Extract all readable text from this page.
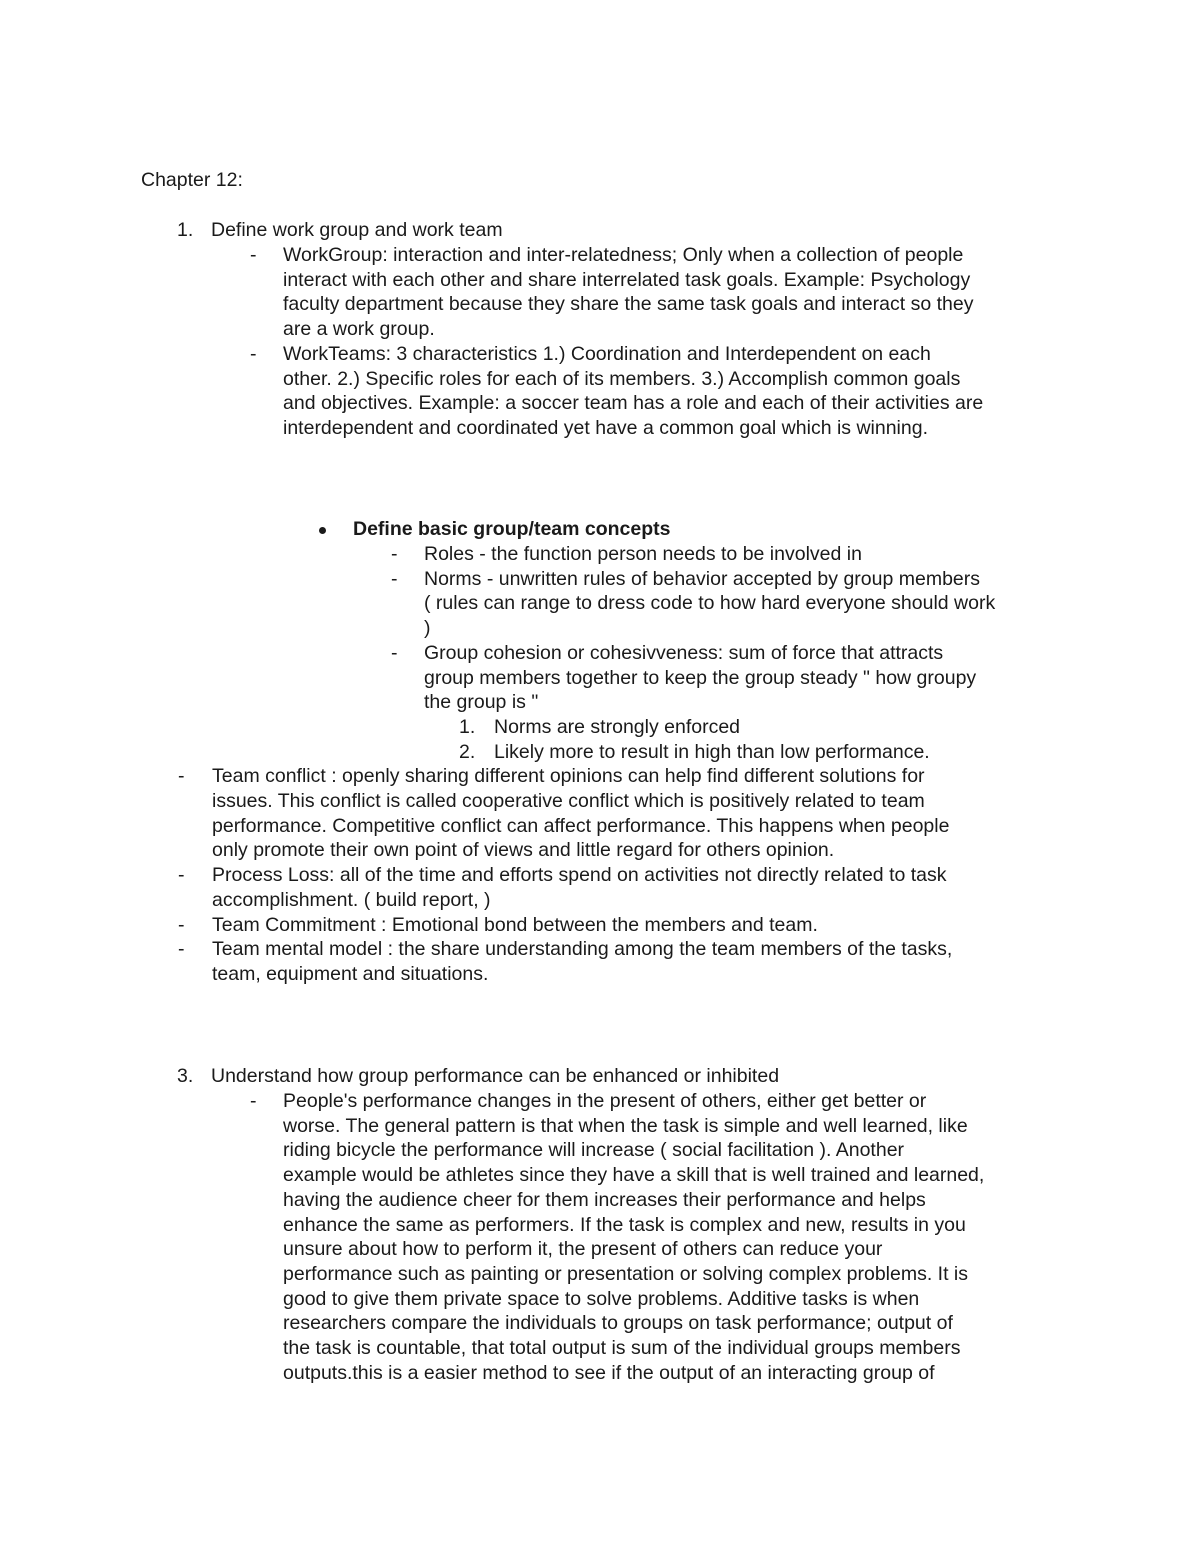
Chapter 12:
1. Define work group and work team
- WorkGroup: interaction and inter-relatedness; Only when a collection of people
interact with each other and share interrelated task goals. Example: Psychology
faculty department because they share the same task goals and interact so they
are a work group.
- WorkTeams: 3 characteristics 1.) Coordination and Interdependent on each
other. 2.) Specific roles for each of its members. 3.) Accomplish common goals
and objectives. Example: a soccer team has a role and each of their activities are
interdependent and coordinated yet have a common goal which is winning.
Define basic group/team concepts
- Roles - the function person needs to be involved in
- Norms - unwritten rules of behavior accepted by group members
( rules can range to dress code to how hard everyone should work
)
- Group cohesion or cohesivveness: sum of force that attracts
group members together to keep the group steady " how groupy
the group is "
1. Norms are strongly enforced
2. Likely more to result in high than low performance.
- Team conflict : openly sharing different opinions can help find different solutions for
issues. This conflict is called cooperative conflict which is positively related to team
performance. Competitive conflict can affect performance. This happens when people
only promote their own point of views and little regard for others opinion.
- Process Loss: all of the time and efforts spend on activities not directly related to task
accomplishment. ( build report, )
- Team Commitment : Emotional bond between the members and team.
- Team mental model : the share understanding among the team members of the tasks,
team, equipment and situations.
3. Understand how group performance can be enhanced or inhibited
- People's performance changes in the present of others, either get better or
worse. The general pattern is that when the task is simple and well learned, like
riding bicycle the performance will increase ( social facilitation ). Another
example would be athletes since they have a skill that is well trained and learned,
having the audience cheer for them increases their performance and helps
enhance the same as performers. If the task is complex and new, results in you
unsure about how to perform it, the present of others can reduce your
performance such as painting or presentation or solving complex problems. It is
good to give them private space to solve problems. Additive tasks is when
researchers compare the individuals to groups on task performance; output of
the task is countable, that total output is sum of the individual groups members
outputs.this is a easier method to see if the output of an interacting group of
